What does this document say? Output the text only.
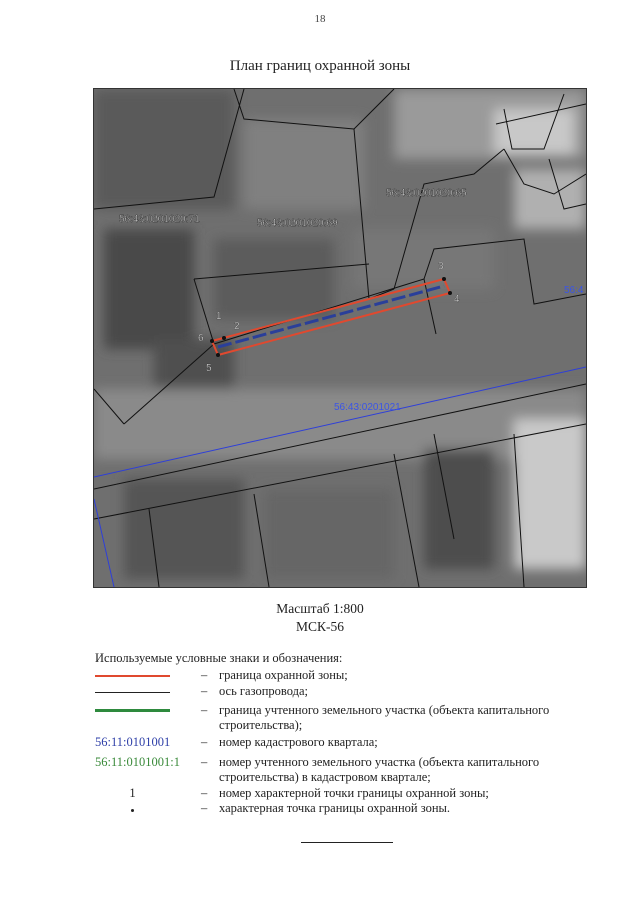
18
План границ охранной зоны
56:43:0201020:71	56:43:0201020:69
56:43:0201020:65
56:43:0201021
56:4
1
2
3
4
5
6
Масштаб 1:800
МСК-56
Используемые условные знаки и обозначения:
– граница охранной зоны;
– ось газопровода;
– граница учтенного земельного участка (объекта капитального строительства);
56:11:0101001 – номер кадастрового квартала;
56:11:0101001:1 – номер учтенного земельного участка (объекта капитального строительства) в кадастровом квартале;
1	– номер характерной точки границы охранной зоны;
– характерная точка границы охранной зоны.
